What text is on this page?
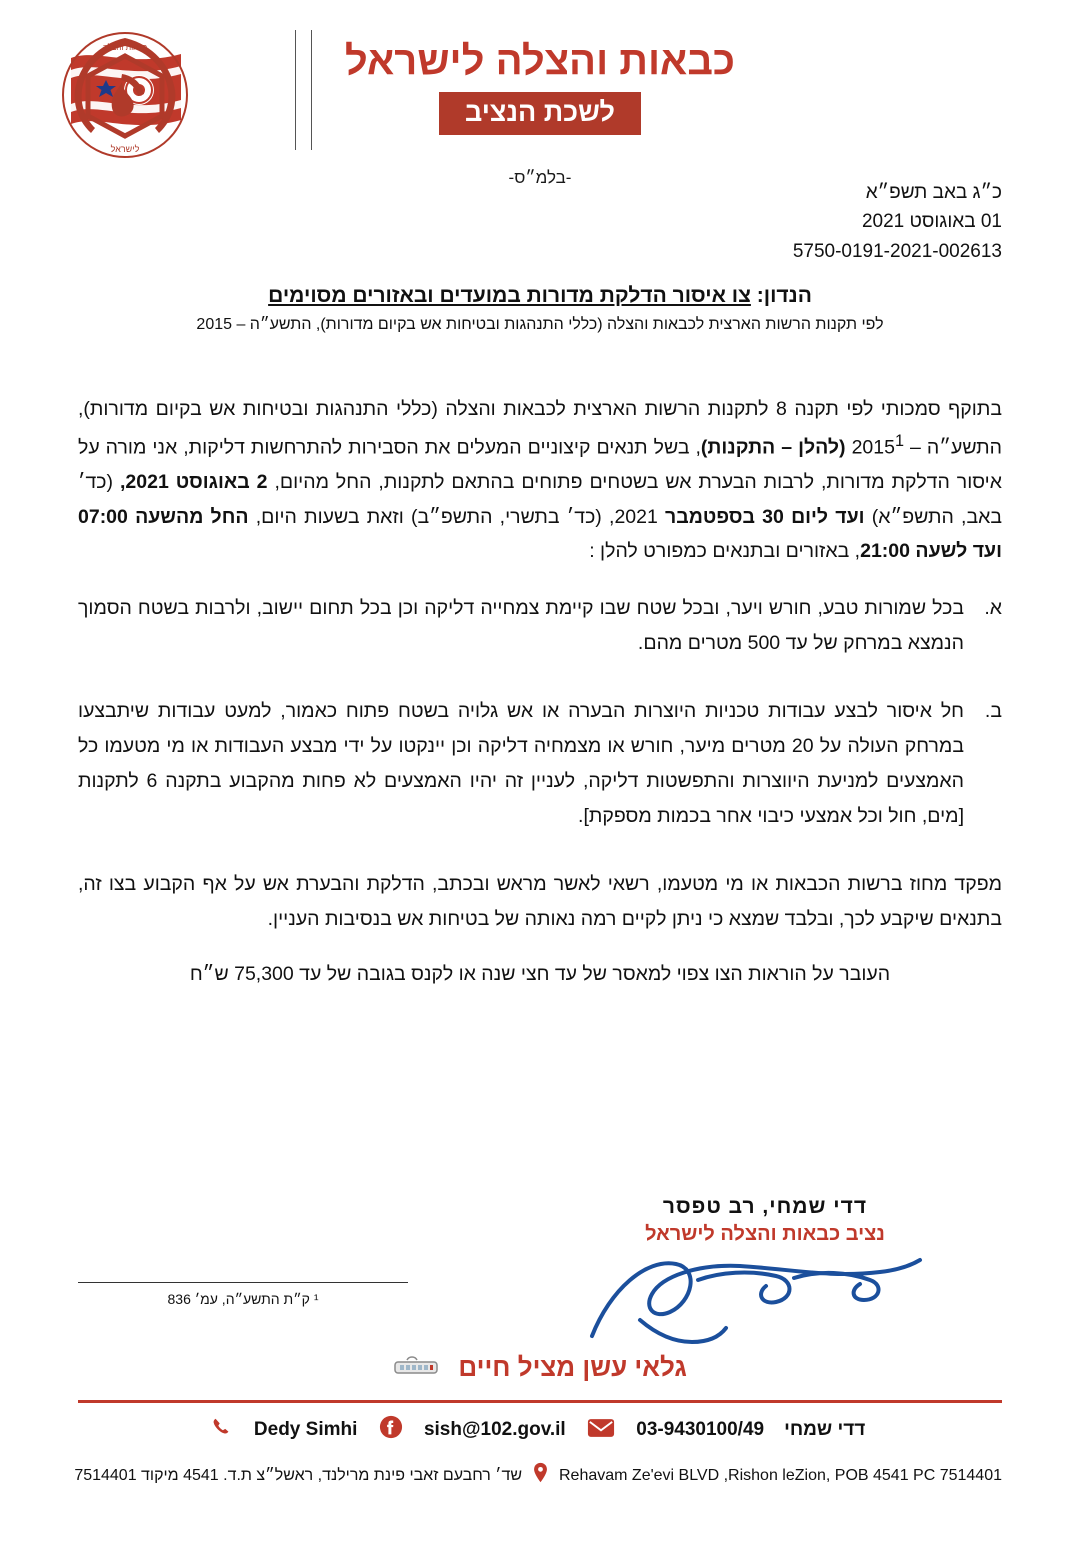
כבאות והצלה לישראל
לשכת הנציב
לישראל
כבאות והצלה
-בלמ״ס-
כ״ג באב תשפ״א
01 באוגוסט 2021
5750-0191-2021-002613
הנדון: צו איסור הדלקת מדורות במועדים ובאזורים מסוימים
לפי תקנות הרשות הארצית לכבאות והצלה (כללי התנהגות ובטיחות אש בקיום מדורות), התשע״ה – 2015

בתוקף סמכותי לפי תקנה 8 לתקנות הרשות הארצית לכבאות והצלה (כללי התנהגות ובטיחות אש בקיום מדורות), התשע״ה – 2015$^1$ (להלן – התקנות), בשל תנאים קיצוניים המעלים את הסבירות להתרחשות דליקות, אני מורה על איסור הדלקת מדורות, לרבות הבערת אש בשטחים פתוחים בהתאם לתקנות, החל מהיום, 2 באוגוסט 2021, (כד׳ באב, התשפ״א) ועד ליום 30 בספטמבר 2021, (כד׳ בתשרי, התשפ״ב) וזאת בשעות היום, החל מהשעה 07:00 ועד לשעה 21:00, באזורים ובתנאים כמפורט להלן :

א.
בכל שמורות טבע, חורש ויער, ובכל שטח שבו קיימת צמחייה דליקה וכן בכל תחום יישוב, ולרבות בשטח הסמוך הנמצא במרחק של עד 500 מטרים מהם.
ב.
חל איסור לבצע עבודות טכניות היוצרות הבערה או אש גלויה בשטח פתוח כאמור, למעט עבודות שיתבצעו במרחק העולה על 20 מטרים מיער, חורש או מצמחיה דליקה וכן יינקטו על ידי מבצע העבודות או מי מטעמו כל האמצעים למניעת היווצרות והתפשטות דליקה, לעניין זה יהיו האמצעים לא פחות מהקבוע בתקנה 6 לתקנות [מים, חול וכל אמצעי כיבוי אחר בכמות מספקת].

מפקד מחוז ברשות הכבאות או מי מטעמו, רשאי לאשר מראש ובכתב, הדלקת והבערת אש על אף הקבוע בצו זה, בתנאים שיקבע לכך, ובלבד שמצא כי ניתן לקיים רמה נאותה של בטיחות אש בנסיבות העניין.

העובר על הוראות הצו צפוי למאסר של עד חצי שנה או לקנס בגובה של עד 75,300 ש״ח

דדי שמחי, רב טפסר
נציב כבאות והצלה לישראל
¹ ק״ת התשע״ה, עמ׳ 836
גלאי עשן מציל חיים
דדי שמחיDedy Simhi	sish@102.gov.il	03-9430100/49
Rehavam Ze'evi BLVD ,Rishon leZion, POB 4541 PC 7514401
שד׳ רחבעם זאבי פינת מרילנד, ראשל״צ ת.ד. 4541 מיקוד 7514401
